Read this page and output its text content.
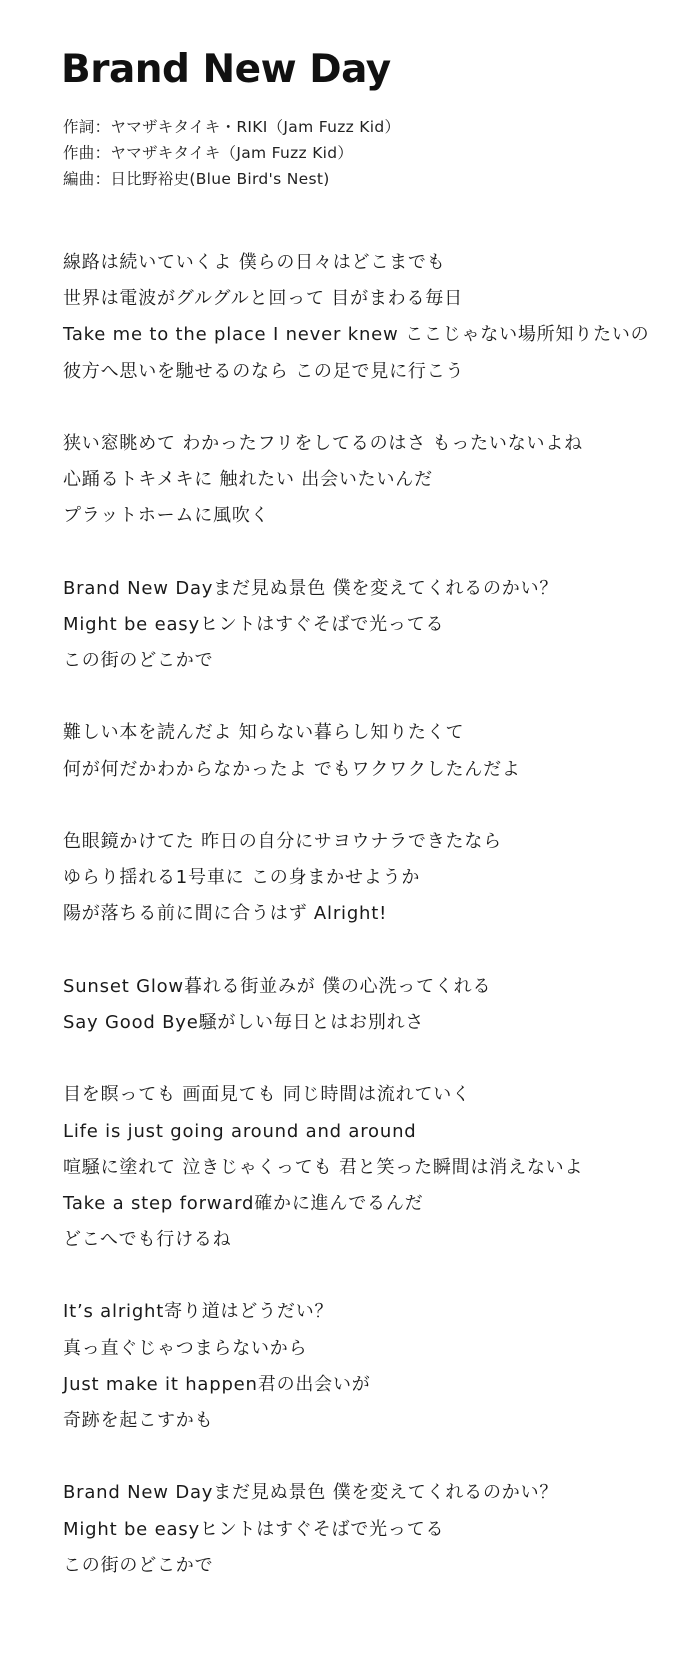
Brand New Day
作詞：ヤマザキタイキ・RIKI（Jam Fuzz Kid）
作曲：ヤマザキタイキ（Jam Fuzz Kid）
編曲：日比野裕史(Blue Bird's Nest)
線路は続いていくよ 僕らの日々はどこまでも
世界は電波がグルグルと回って 目がまわる毎日
Take me to the place I never knew ここじゃない場所知りたいの
彼方へ思いを馳せるのなら この足で見に行こう
狭い窓眺めて わかったフリをしてるのはさ もったいないよね
心踊るトキメキに 触れたい 出会いたいんだ
プラットホームに風吹く
Brand New Dayまだ見ぬ景色 僕を変えてくれるのかい？
Might be easyヒントはすぐそばで光ってる
この街のどこかで
難しい本を読んだよ 知らない暮らし知りたくて
何が何だかわからなかったよ でもワクワクしたんだよ
色眼鏡かけてた 昨日の自分にサヨウナラできたなら
ゆらり揺れる1号車に この身まかせようか
陽が落ちる前に間に合うはず Alright!
Sunset Glow暮れる街並みが 僕の心洗ってくれる
Say Good Bye騒がしい毎日とはお別れさ
目を瞑っても 画面見ても 同じ時間は流れていく
Life is just going around and around
喧騒に塗れて 泣きじゃくっても 君と笑った瞬間は消えないよ
Take a step forward確かに進んでるんだ
どこへでも行けるね
It’s alright寄り道はどうだい？
真っ直ぐじゃつまらないから
Just make it happen君の出会いが
奇跡を起こすかも
Brand New Dayまだ見ぬ景色 僕を変えてくれるのかい？
Might be easyヒントはすぐそばで光ってる
この街のどこかで
